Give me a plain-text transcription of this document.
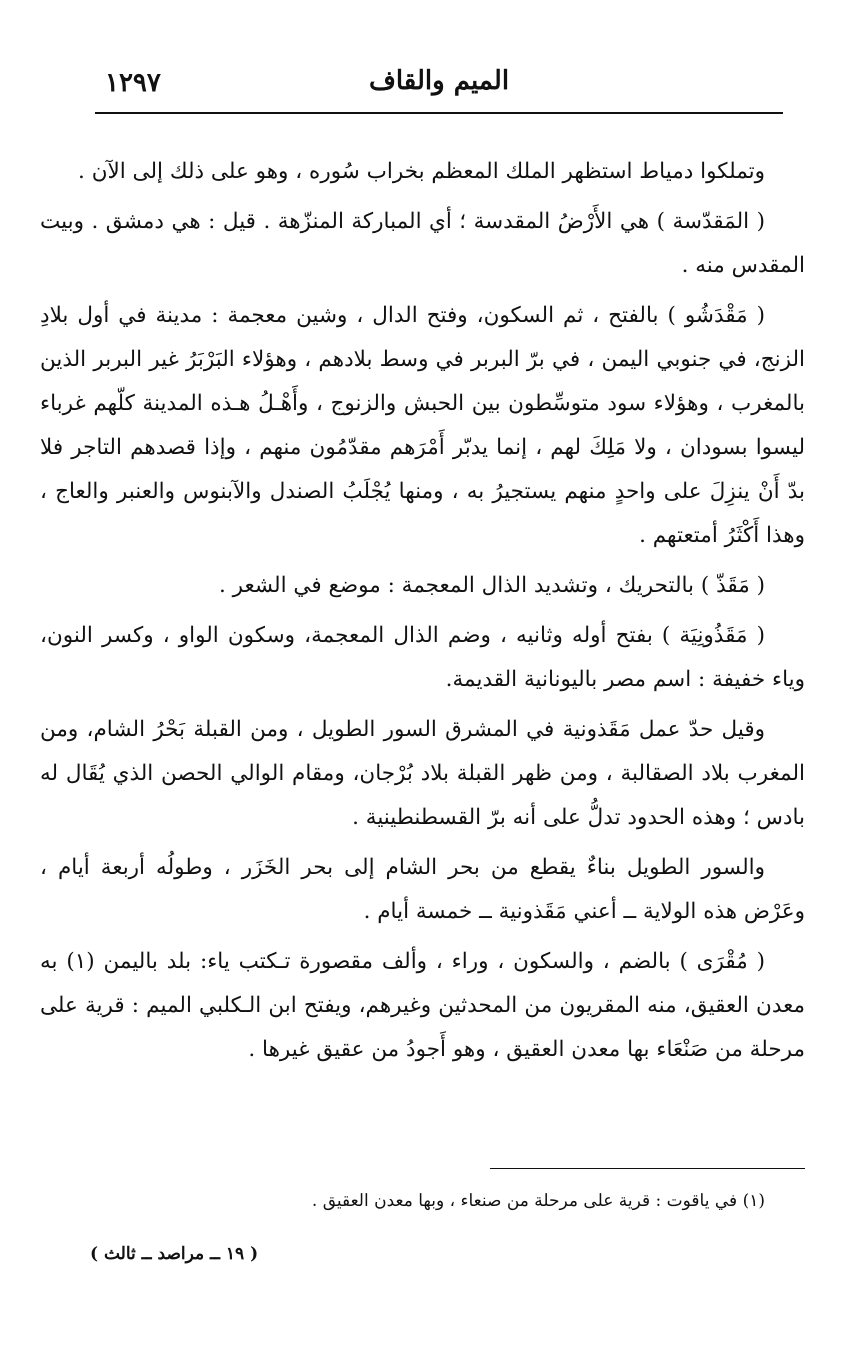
١٢٩٧	الميم والقاف

وتملكوا دمياط استظهر الملك المعظم بخراب سُوره ، وهو على ذلك إلى الآن .

( المَقدّسة ) هي الأَرْضُ المقدسة ؛ أي المباركة المنزّهة . قيل : هي دمشق . وبيت المقدس منه .

( مَقْدَشُو ) بالفتح ، ثم السكون، وفتح الدال ، وشين معجمة : مدينة في أول بلادِ الزنج، في جنوبي اليمن ، في برّ البربر في وسط بلادهم ، وهؤلاء البَرْبَرُ غير البربر الذين بالمغرب ، وهؤلاء سود متوسِّطون بين الحبش والزنوج ، وأَهْـلُ هـذه المدينة كلّهم غرباء ليسوا بسودان ، ولا مَلِكَ لهم ، إنما يدبّر أَمْرَهم مقدّمُون منهم ، وإذا قصدهم التاجر فلا بدّ أَنْ ينزِلَ على واحدٍ منهم يستجيرُ به ، ومنها يُجْلَبُ الصندل والآبنوس والعنبر والعاج ، وهذا أَكْثَرُ أمتعتهم .

( مَقَذّ ) بالتحريك ، وتشديد الذال المعجمة : موضع في الشعر .

( مَقَذُونِيَة ) بفتح أوله وثانيه ، وضم الذال المعجمة، وسكون الواو ، وكسر النون، وياء خفيفة : اسم مصر باليونانية القديمة.

وقيل حدّ عمل مَقَذونية في المشرق السور الطويل ، ومن القبلة بَحْرُ الشام، ومن المغرب بلاد الصقالبة ، ومن ظهر القبلة بلاد بُرْجان، ومقام الوالي الحصن الذي يُقَال له بادس ؛ وهذه الحدود تدلُّ على أنه برّ القسطنطينية .

والسور الطويل بناءٌ يقطع من بحر الشام إلى بحر الخَزَر ، وطولُه أربعة أيام ، وعَرْض هذه الولاية ــ أعني مَقَذونية ــ خمسة أيام .

( مُقْرَى ) بالضم ، والسكون ، وراء ، وألف مقصورة تـكتب ياء: بلد باليمن (١) به معدن العقيق، منه المقريون من المحدثين وغيرهم، ويفتح ابن الـكلبي الميم : قرية على مرحلة من صَنْعَاء بها معدن العقيق ، وهو أَجودُ من عقيق غيرها .

(١) في ياقوت : قرية على مرحلة من صنعاء ، وبها معدن العقيق .
( ١٩ ــ مراصد ــ ثالث )
